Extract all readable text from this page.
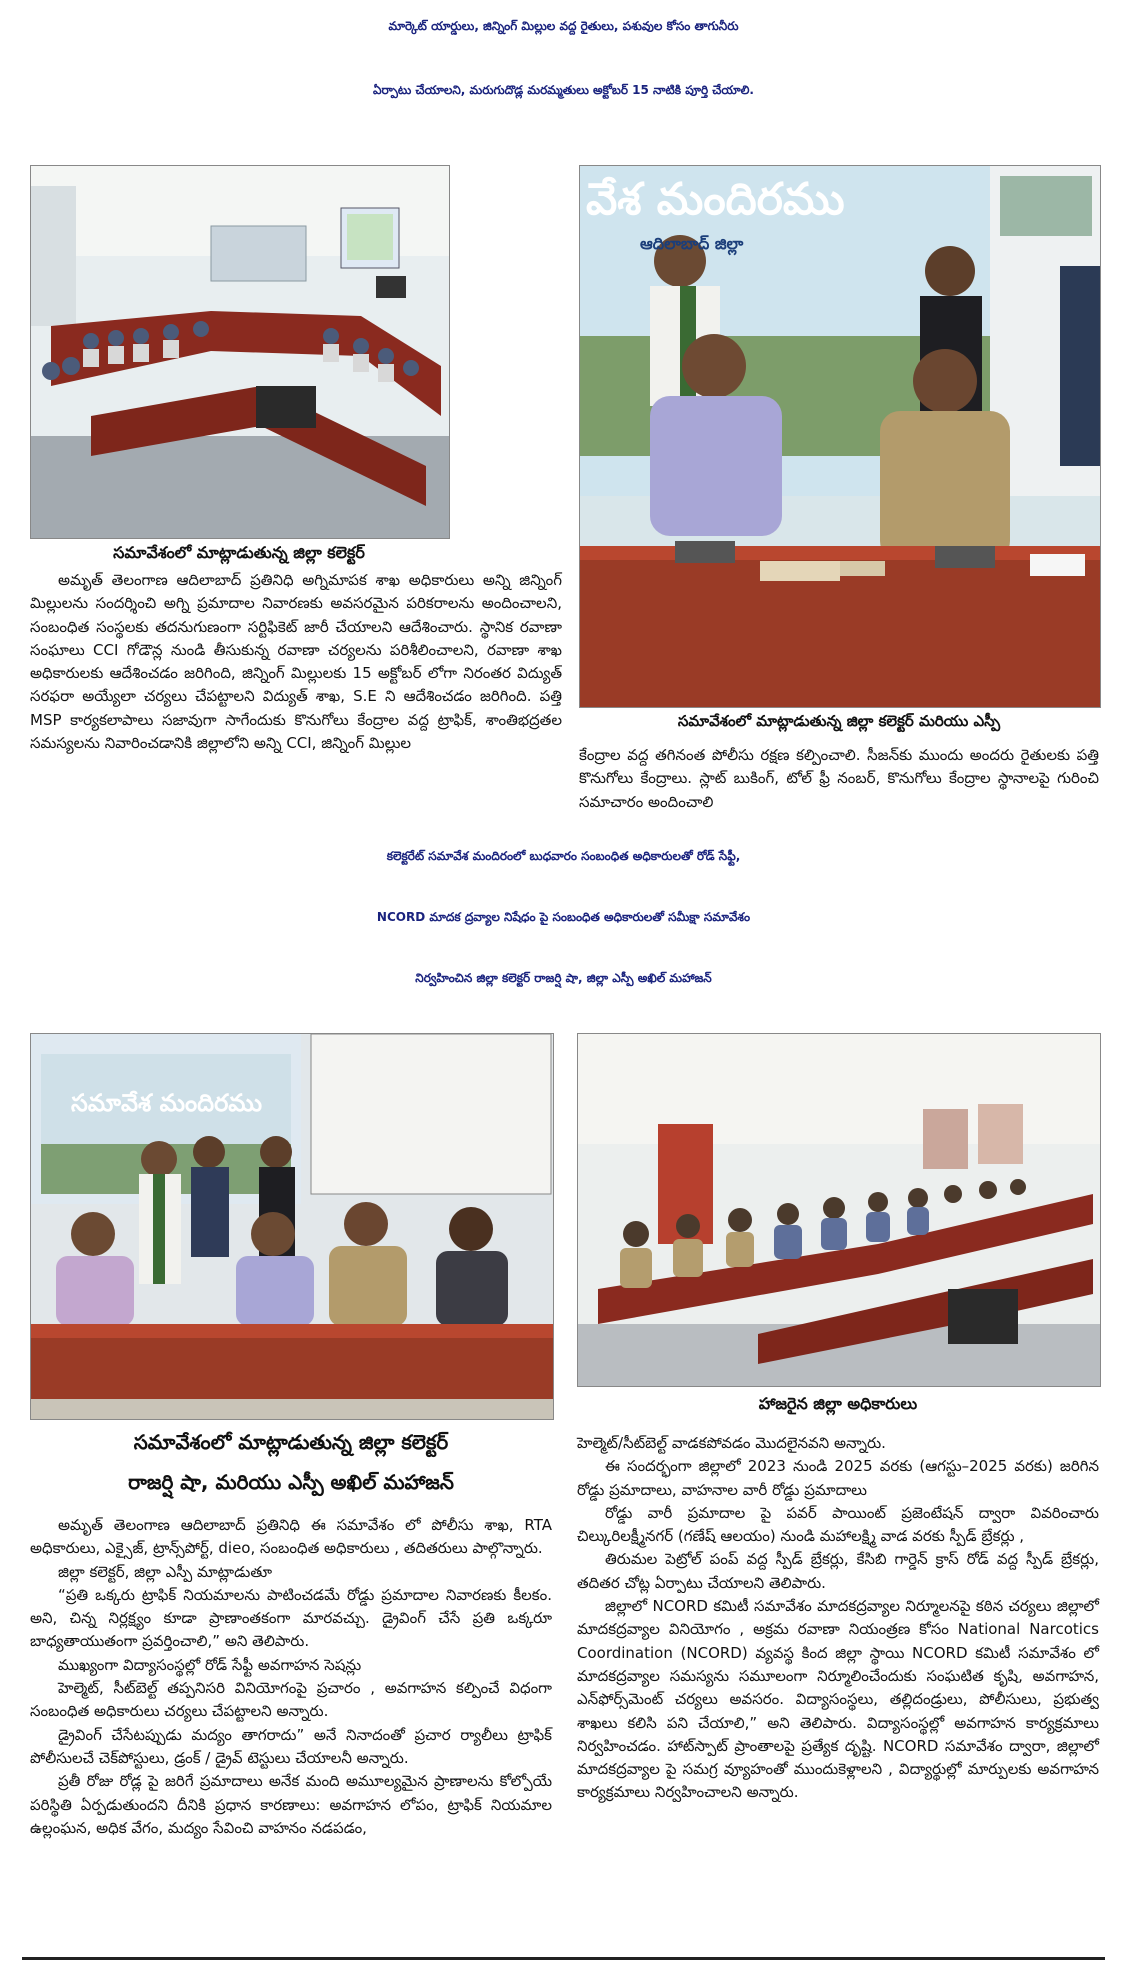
మార్కెట్ యార్డులు, జిన్నింగ్ మిల్లుల వద్ద రైతులు, పశువుల కోసం తాగునీరు
ఏర్పాటు చేయాలని, మరుగుదొడ్ల మరమ్మతులు అక్టోబర్ 15 నాటికి పూర్తి చేయాలి.
సమావేశంలో మాట్లాడుతున్న జిల్లా కలెక్టర్
వేశ మందిరము
ఆదిలాబాద్ జిల్లా
సమావేశంలో మాట్లాడుతున్న జిల్లా కలెక్టర్ మరియు ఎస్పీ

అమృత్ తెలంగాణ ఆదిలాబాద్ ప్రతినిధి అగ్నిమాపక శాఖ అధికారులు అన్ని జిన్నింగ్ మిల్లులను సందర్శించి అగ్ని ప్రమాదాల నివారణకు అవసరమైన పరికరాలను అందించాలని, సంబంధిత సంస్థలకు తదనుగుణంగా సర్టిఫికెట్ జారీ చేయాలని ఆదేశించారు. స్థానిక రవాణా సంఘాలు CCI గోడౌన్ల నుండి తీసుకున్న రవాణా చర్యలను పరిశీలించాలని, రవాణా శాఖ అధికారులకు ఆదేశించడం జరిగింది, జిన్నింగ్ మిల్లులకు 15 అక్టోబర్ లోగా నిరంతర విద్యుత్ సరఫరా అయ్యేలా చర్యలు చేపట్టాలని విద్యుత్ శాఖ, S.E ని ఆదేశించడం జరిగింది. పత్తి MSP కార్యకలాపాలు సజావుగా సాగేందుకు కొనుగోలు కేంద్రాల వద్ద ట్రాఫిక్, శాంతిభద్రతల సమస్యలను నివారించడానికి జిల్లాలోని అన్ని CCI, జిన్నింగ్ మిల్లుల

కేంద్రాల వద్ద తగినంత పోలీసు రక్షణ కల్పించాలి. సీజన్‌కు ముందు అందరు రైతులకు పత్తి కొనుగోలు కేంద్రాలు. స్లాట్ బుకింగ్, టోల్ ఫ్రీ నంబర్, కొనుగోలు కేంద్రాల స్థానాలపై గురించి సమాచారం అందించాలి

కలెక్టరేట్ సమావేశ మందిరంలో బుధవారం సంబంధిత అధికారులతో రోడ్ సేఫ్టీ,
NCORD మాదక ద్రవ్యాల నిషేధం పై సంబంధిత అధికారులతో సమీక్షా సమావేశం
నిర్వహించిన జిల్లా కలెక్టర్ రాజర్షి షా, జిల్లా ఎస్పీ అఖిల్ మహాజన్
సమావేశ మందిరము
సమావేశంలో మాట్లాడుతున్న జిల్లా కలెక్టర్
రాజర్షి షా, మరియు ఎస్పీ అఖిల్ మహాజన్
హాజరైన జిల్లా అధికారులు

అమృత్ తెలంగాణ ఆదిలాబాద్ ప్రతినిధి ఈ సమావేశం లో పోలీసు శాఖ, RTA అధికారులు, ఎక్సైజ్, ట్రాన్స్‌పోర్ట్, dieo, సంబంధిత అధికారులు , తదితరులు పాల్గొన్నారు.

జిల్లా కలెక్టర్, జిల్లా ఎస్పీ మాట్లాడుతూ

“ప్రతి ఒక్కరు ట్రాఫిక్ నియమాలను పాటించడమే రోడ్డు ప్రమాదాల నివారణకు కీలకం. అని, చిన్న నిర్లక్ష్యం కూడా ప్రాణాంతకంగా మారవచ్చు. డ్రైవింగ్ చేసే ప్రతి ఒక్కరూ బాధ్యతాయుతంగా ప్రవర్తించాలి,” అని తెలిపారు.

ముఖ్యంగా విద్యాసంస్థల్లో రోడ్ సేఫ్టీ అవగాహన సెషన్లు

హెల్మెట్, సీట్‌బెల్ట్ తప్పనిసరి వినియోగంపై ప్రచారం , అవగాహన కల్పించే విధంగా సంబంధిత అధికారులు చర్యలు చేపట్టాలని అన్నారు.

డ్రైవింగ్ చేసేటప్పుడు మద్యం తాగరాదు” అనే నినాదంతో ప్రచార ర్యాలీలు ట్రాఫిక్ పోలీసులచే చెక్‌పోస్టులు, డ్రంక్ / డ్రైవ్ టెస్టులు చేయాలనీ అన్నారు.

ప్రతీ రోజు రోడ్ల పై జరిగే ప్రమాదాలు అనేక మంది అమూల్యమైన ప్రాణాలను కోల్పోయే పరిస్థితి ఏర్పడుతుందని దీనికి ప్రధాన కారణాలు: అవగాహన లోపం, ట్రాఫిక్ నియమాల ఉల్లంఘన, అధిక వేగం, మద్యం సేవించి వాహనం నడపడం,

హెల్మెట్/సీట్‌బెల్ట్ వాడకపోవడం మొదలైనవని అన్నారు.

ఈ సందర్భంగా జిల్లాలో 2023 నుండి 2025 వరకు (ఆగస్టు–2025 వరకు) జరిగిన రోడ్డు ప్రమాదాలు, వాహనాల వారీ రోడ్డు ప్రమాదాలు

రోడ్డు వారీ ప్రమాదాల పై పవర్ పాయింట్ ప్రజెంటేషన్ ద్వారా వివరించారు చిల్కురిలక్ష్మీనగర్ (గణేష్ ఆలయం) నుండి మహాలక్ష్మి వాడ వరకు స్పీడ్ బ్రేకర్లు ,

తిరుమల పెట్రోల్ పంప్ వద్ద స్పీడ్ బ్రేకర్లు, కేసిబి గార్డెన్ క్రాస్ రోడ్ వద్ద స్పీడ్ బ్రేకర్లు, తదితర చోట్ల ఏర్పాటు చేయాలని తెలిపారు.

జిల్లాలో NCORD కమిటీ సమావేశం మాదకద్రవ్యాల నిర్మూలనపై కఠిన చర్యలు జిల్లాలో మాదకద్రవ్యాల వినియోగం , అక్రమ రవాణా నియంత్రణ కోసం National Narcotics Coordination (NCORD) వ్యవస్థ కింద జిల్లా స్థాయి NCORD కమిటీ సమావేశం లో మాదకద్రవ్యాల సమస్యను సమూలంగా నిర్మూలించేందుకు సంఘటిత కృషి, అవగాహన, ఎన్‌ఫోర్స్‌మెంట్ చర్యలు అవసరం. విద్యాసంస్థలు, తల్లిదండ్రులు, పోలీసులు, ప్రభుత్వ శాఖలు కలిసి పని చేయాలి,” అని తెలిపారు. విద్యాసంస్థల్లో అవగాహన కార్యక్రమాలు నిర్వహించడం. హాట్‌స్పాట్ ప్రాంతాలపై ప్రత్యేక దృష్టి. NCORD సమావేశం ద్వారా, జిల్లాలో మాదకద్రవ్యాల పై సమగ్ర వ్యూహంతో ముందుకెళ్లాలని , విద్యార్థుల్లో మార్పులకు అవగాహన కార్యక్రమాలు నిర్వహించాలని అన్నారు.
